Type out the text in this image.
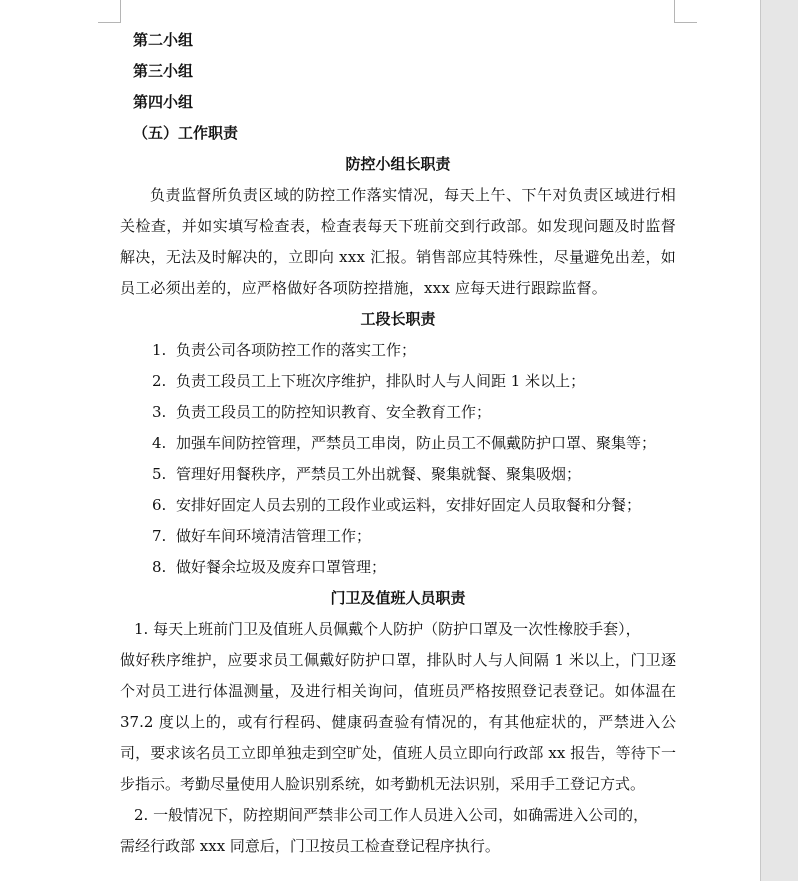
第二小组

第三小组

第四小组

（五）工作职责

防控小组长职责

负责监督所负责区域的防控工作落实情况，每天上午、下午对负责区域进行相关检查，并如实填写检查表，检查表每天下班前交到行政部。如发现问题及时监督解决，无法及时解决的，立即向 xxx 汇报。销售部应其特殊性，尽量避免出差，如员工必须出差的，应严格做好各项防控措施，xxx 应每天进行跟踪监督。

工段长职责

1. 负责公司各项防控工作的落实工作；
2. 负责工段员工上下班次序维护，排队时人与人间距 1 米以上；
3. 负责工段员工的防控知识教育、安全教育工作；
4. 加强车间防控管理，严禁员工串岗，防止员工不佩戴防护口罩、聚集等；
5. 管理好用餐秩序，严禁员工外出就餐、聚集就餐、聚集吸烟；
6. 安排好固定人员去别的工段作业或运料，安排好固定人员取餐和分餐；
7. 做好车间环境清洁管理工作；
8. 做好餐余垃圾及废弃口罩管理；

门卫及值班人员职责

1. 每天上班前门卫及值班人员佩戴个人防护（防护口罩及一次性橡胶手套），
做好秩序维护，应要求员工佩戴好防护口罩，排队时人与人间隔 1 米以上，门卫逐个对员工进行体温测量，及进行相关询问，值班员严格按照登记表登记。如体温在 37.2 度以上的，或有行程码、健康码查验有情况的，有其他症状的，严禁进入公司，要求该名员工立即单独走到空旷处，值班人员立即向行政部 xx 报告，等待下一步指示。考勤尽量使用人脸识别系统，如考勤机无法识别，采用手工登记方式。
2. 一般情况下，防控期间严禁非公司工作人员进入公司，如确需进入公司的，
需经行政部 xxx 同意后，门卫按员工检查登记程序执行。
